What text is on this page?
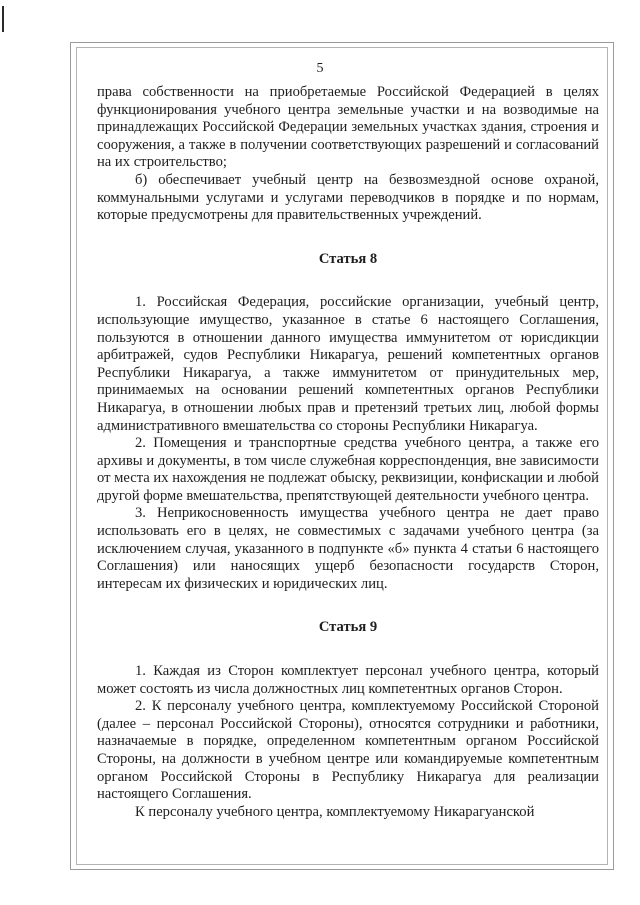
5

права собственности на приобретаемые Российской Федерацией в целях функционирования учебного центра земельные участки и на возводимые на принадлежащих Российской Федерации земельных участках здания, строения и сооружения, а также в получении соответствующих разрешений и согласований на их строительство;

б) обеспечивает учебный центр на безвозмездной основе охраной, коммунальными услугами и услугами переводчиков в порядке и по нормам, которые предусмотрены для правительственных учреждений.

Статья 8

1. Российская Федерация, российские организации, учебный центр, использующие имущество, указанное в статье 6 настоящего Соглашения, пользуются в отношении данного имущества иммунитетом от юрисдикции арбитражей, судов Республики Никарагуа, решений компетентных органов Республики Никарагуа, а также иммунитетом от принудительных мер, принимаемых на основании решений компетентных органов Республики Никарагуа, в отношении любых прав и претензий третьих лиц, любой формы административного вмешательства со стороны Республики Никарагуа.

2. Помещения и транспортные средства учебного центра, а также его архивы и документы, в том числе служебная корреспонденция, вне зависимости от места их нахождения не подлежат обыску, реквизиции, конфискации и любой другой форме вмешательства, препятствующей деятельности учебного центра.

3. Неприкосновенность имущества учебного центра не дает право использовать его в целях, не совместимых с задачами учебного центра (за исключением случая, указанного в подпункте «б» пункта 4 статьи 6 настоящего Соглашения) или наносящих ущерб безопасности государств Сторон, интересам их физических и юридических лиц.

Статья 9

1. Каждая из Сторон комплектует персонал учебного центра, который может состоять из числа должностных лиц компетентных органов Сторон.

2. К персоналу учебного центра, комплектуемому Российской Стороной (далее – персонал Российской Стороны), относятся сотрудники и работники, назначаемые в порядке, определенном компетентным органом Российской Стороны, на должности в учебном центре или командируемые компетентным органом Российской Стороны в Республику Никарагуа для реализации настоящего Соглашения.

К персоналу учебного центра, комплектуемому Никарагуанской
